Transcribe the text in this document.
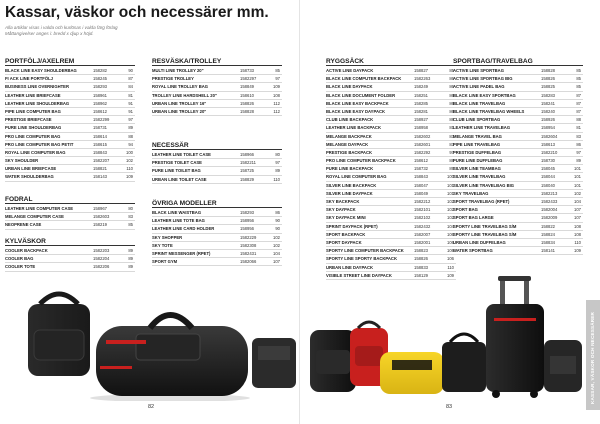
Kassar, väskor och necessärer mm.
Alla artiklar visas i valda och kurlösas i valda färg förlag
Måttangivelser anges i: bredd x djup x höjd.
PORTFÖLJ/AXELREM
BLACK LINE EASY SHOULDERBAG	158282	90
FI ACK LINE PORTFÖLJ	158245	87
BUSINESS LINE OVERNIGHTER	158293	84
LEATHER LINE BRIEFCASE	158961	81
LEATHER LINE SHOULDERBAG	158962	91
PIPE LINE COMPUTER BAG	158612	91
PRESTIGE BRIEFCASE	1582299	97
PURE LINE SHOULDERBAG	158731	89
PRO LINE COMPUTER BAG	158614	88
PRO LINE COMPUTER BAG PETIT	158615	94
ROYAL LINE COMPUTER BAG	158843	100
SKY SHOULDER	1582207	102
URBAN LINE BRIEFCASE	158821	110
WATER SHOULDERBAG	158143	109
FODRAL
LEATHER LINE COMPUTER CASE	158967	80
MELANGE COMPUTER CASE	1582603	83
NEOPRENE CASE	158219	85
KYLVÄSKOR
COOLER BACKPACK	1582203	89
COOLER BAG	1582204	89
COOLER TOTE	1582206	89
RESVÄSKA/TROLLEY
MULTI LINE TROLLEY 20"	158733	85
PRESTIGE TROLLEY	1582297	97
ROYAL LINE TROLLEY BAG	158849	109
TROLLEY LINE HARDSHELL 20"	158610	108
URBAN LINE TROLLEY 16"	158826	112
URBAN LINE TROLLEY 20"	158828	112
NECESSÄR
LEATHER LINE TOILET CASE	158966	80
PRESTIGE TOILET CASE	1582211	97
PURE LINE TOILET BAG	158725	89
URBAN LINE TOILET CASE	158829	110
ÖVRIGA MODELLER
BLACK LINE WAISTBAG	158293	86
LEATHER LINE TOTE BAG	158956	90
LEATHER LINE CARD HOLDER	158956	90
SKY SHOPPER	1582229	102
SKY TOTE	1582308	102
SPRINT MESSENGER (RPET)	1582431	104
SPORT GYM	1582066	107
82
RYGGSÄCK
ACTIVE LINE DAYPACK	158827	85
BLACK LINE COMPUTER BACKPACK	1582263	86
BLACK LINE DAYPACK	158249	86
BLACK LINE DOCUMENT FOLDER	158251	86
BLACK LINE EASY BACKPACK	158285	86
BLACK LINE EASY DAYPACK	158281	86
CLUB LINE BACKPACK	158927	88
LEATHER LINE BACKPACK	158958	81
MELANGE BACKPACK	1582602	83
MELANGE DAYPACK	1582601	83
PRESTIGE BACKPACK	1582292	97
PRO LINE COMPUTER BACKPACK	158612	88
PURE LINE BACKPACK	158732	89
ROYAL LINE COMPUTER BAG	158843	100
SILVER LINE BACKPACK	158047	101
SILVER LINE DAYPACK	158049	101
SKY BACKPACK	1582212	102
SKY DAYPACK	1582101	102
SKY DAYPACK MINI	1582102	102
SPRINT DAYPACK (RPET)	1582432	104
SPORT BACKPACK	1582007	106
SPORT DAYPACK	1582001	106
SPORTY LINE COMPUTER BACKPACK 158823	106
SPORTY LINE SPORTY BACKPACK	158826	106
URBAN LINE DAYPACK	158833	110
VISIBLE STREET LINE DAYPACK	158129	109
SPORTBAG/TRAVELBAG
ACTIVE LINE SPORTBAG	158828	85
ACTIVE LINE SPORTBAG BIG	158826	85
ACTIVE LINE PADEL BAG	158825	85
BLACK LINE EASY SPORTBAG	158283	87
BLACK LINE TRAVELBAG	158241	87
BLACK LINE TRAVELBAG WHEELS	158240	87
CLUB LINE SPORTBAG	158926	88
LEATHER LINE TRAVELBAG	158954	81
MELANGE TRAVEL BAG	1582604	83
PIPE LINE TRAVELBAG	158613	86
PRESTIGE DUFFELBAG	1582210	97
PURE LINE DUFFLEBAG	158730	89
SILVER LINE TEAMBAG	158045	101
SILVER LINE TRAVELBAG	158044	101
SILVER LINE TRAVELBAG BIG	158040	101
SKY TRAVELBAG	1582213	102
SPORT TRAVELBAG (RPET)	1582433	104
SPORT BAG	1582004	107
SPORT BAG LARGE	1582009	107
SPORTY LINE TRAVELBAG S/M	158822	108
SPORTY LINE TRAVELBAG S/M	158824	108
URBAN LINE DUFFELBAG	158834	110
WATER SPORTBAG	158141	109
83
KASSAR, VÄSKOR OCH NECESSÄRER
